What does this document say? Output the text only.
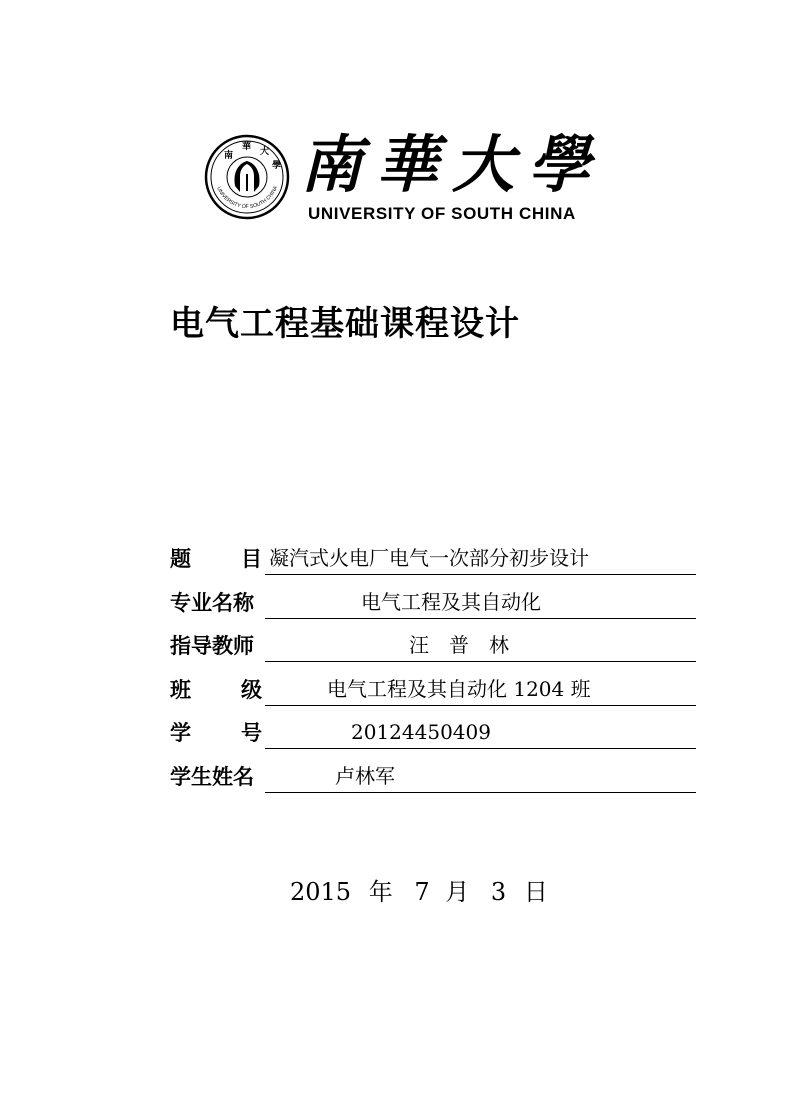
南
華 大
學
UNIVERSITY OF SOUTH CHINA 南華大學
UNIVERSITY OF SOUTH CHINA
电气工程基础课程设计
题 目 凝汽式火电厂电气一次部分初步设计
专业名称	电气工程及其自动化
指导教师	汪　普　林
班 级	电气工程及其自动化 1204 班
学 号	20124450409
学生姓名	卢林军
2015 年 7 月 3 日
